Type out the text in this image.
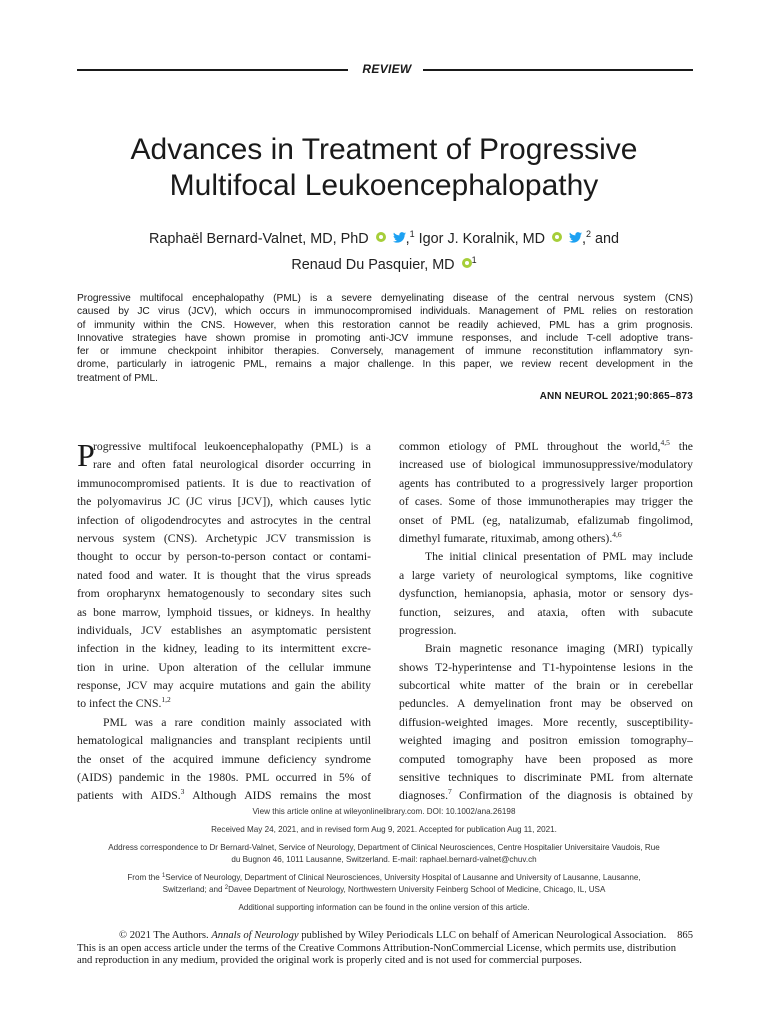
REVIEW
Advances in Treatment of Progressive
Multifocal Leukoencephalopathy
Raphaël Bernard-Valnet, MD, PhD	,$^1$ Igor J. Koralnik, MD	,$^2$ and
Renaud Du Pasquier, MD $^1$
Progressive multifocal encephalopathy (PML) is a severe demyelinating disease of the central nervous system (CNS)
caused by JC virus (JCV), which occurs in immunocompromised individuals. Management of PML relies on restoration
of immunity within the CNS. However, when this restoration cannot be readily achieved, PML has a grim prognosis.
Innovative strategies have shown promise in promoting anti-JCV immune responses, and include T-cell adoptive trans-
fer or immune checkpoint inhibitor therapies. Conversely, management of immune reconstitution inflammatory syn-
drome, particularly in iatrogenic PML, remains a major challenge. In this paper, we review recent development in the
treatment of PML.
ANN NEUROL 2021;90:865–873
P
rogressive multifocal leukoencephalopathy (PML) is a
rare and often fatal neurological disorder occurring in
immunocompromised patients. It is due to reactivation of
the polyomavirus JC (JC virus [JCV]), which causes lytic
infection of oligodendrocytes and astrocytes in the central
nervous system (CNS). Archetypic JCV transmission is
thought to occur by person-to-person contact or contami-
nated food and water. It is thought that the virus spreads
from oropharynx hematogenously to secondary sites such
as bone marrow, lymphoid tissues, or kidneys. In healthy
individuals, JCV establishes an asymptomatic persistent
infection in the kidney, leading to its intermittent excre-
tion in urine. Upon alteration of the cellular immune
response, JCV may acquire mutations and gain the ability
to infect the CNS.$^{1,2}$
PML was a rare condition mainly associated with
hematological malignancies and transplant recipients until
the onset of the acquired immune deficiency syndrome
(AIDS) pandemic in the 1980s. PML occurred in 5% of
patients with AIDS.$^3$ Although AIDS remains the most
common etiology of PML throughout the world,$^{4,5}$ the
increased use of biological immunosuppressive/modulatory
agents has contributed to a progressively larger proportion
of cases. Some of those immunotherapies may trigger the
onset of PML (eg, natalizumab, efalizumab fingolimod,
dimethyl fumarate, rituximab, among others).$^{4,6}$
The initial clinical presentation of PML may include
a large variety of neurological symptoms, like cognitive
dysfunction, hemianopsia, aphasia, motor or sensory dys-
function, seizures, and ataxia, often with subacute
progression.
Brain magnetic resonance imaging (MRI) typically
shows T2-hyperintense and T1-hypointense lesions in the
subcortical white matter of the brain or in cerebellar
peduncles. A demyelination front may be observed on
diffusion-weighted images. More recently, susceptibility-
weighted imaging and positron emission tomography–
computed tomography have been proposed as more
sensitive techniques to discriminate PML from alternate
diagnoses.$^7$ Confirmation of the diagnosis is obtained by
View this article online at wileyonlinelibrary.com. DOI: 10.1002/ana.26198
Received May 24, 2021, and in revised form Aug 9, 2021. Accepted for publication Aug 11, 2021.
Address correspondence to Dr Bernard-Valnet, Service of Neurology, Department of Clinical Neurosciences, Centre Hospitalier Universitaire Vaudois, Rue
du Bugnon 46, 1011 Lausanne, Switzerland. E-mail: raphael.bernard-valnet@chuv.ch
From the $^1$Service of Neurology, Department of Clinical Neurosciences, University Hospital of Lausanne and University of Lausanne, Lausanne,
Switzerland; and $^2$Davee Department of Neurology, Northwestern University Feinberg School of Medicine, Chicago, IL, USA
Additional supporting information can be found in the online version of this article.
© 2021 The Authors. Annals of Neurology published by Wiley Periodicals LLC on behalf of American Neurological Association. 865
This is an open access article under the terms of the Creative Commons Attribution-NonCommercial License, which permits use, distribution
and reproduction in any medium, provided the original work is properly cited and is not used for commercial purposes.
